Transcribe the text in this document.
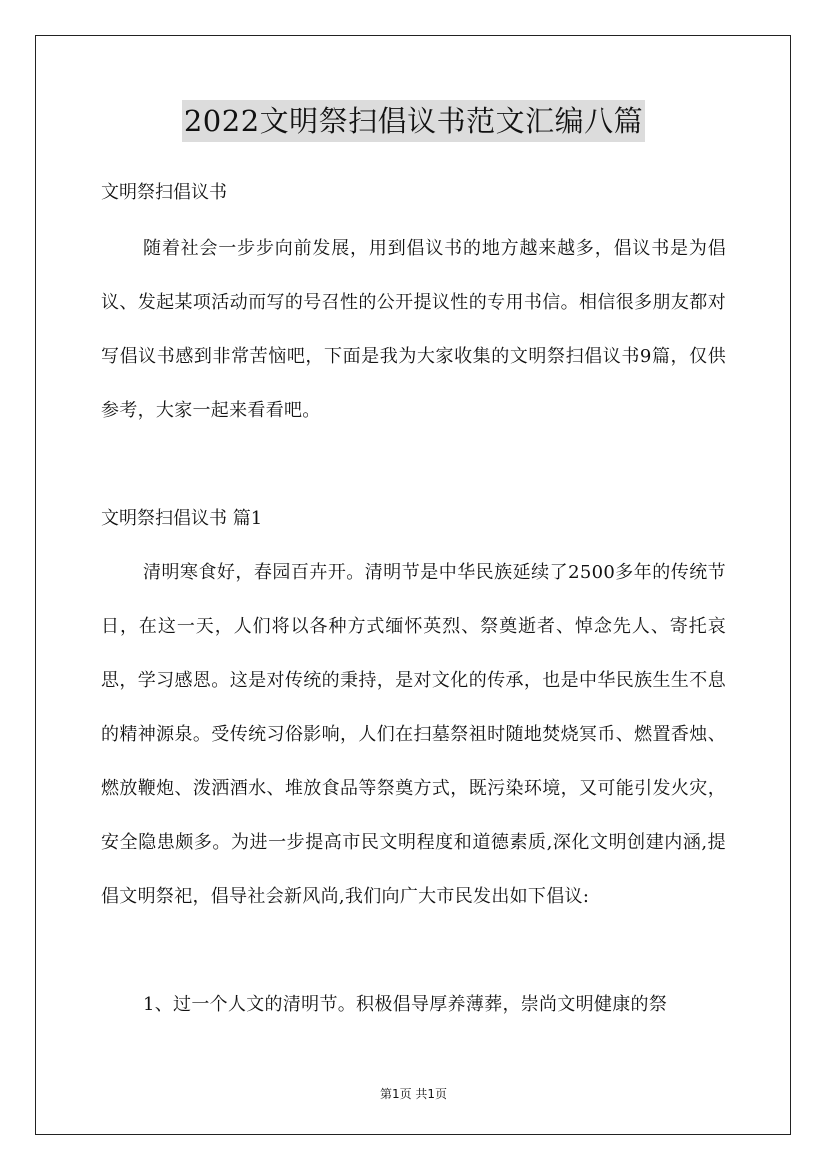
2022文明祭扫倡议书范文汇编八篇
文明祭扫倡议书

随着社会一步步向前发展，用到倡议书的地方越来越多，倡议书是为倡议、发起某项活动而写的号召性的公开提议性的专用书信。相信很多朋友都对写倡议书感到非常苦恼吧，下面是我为大家收集的文明祭扫倡议书9篇，仅供参考，大家一起来看看吧。

文明祭扫倡议书 篇1

清明寒食好，春园百卉开。清明节是中华民族延续了2500多年的传统节日，在这一天，人们将以各种方式缅怀英烈、祭奠逝者、悼念先人、寄托哀思，学习感恩。这是对传统的秉持，是对文化的传承，也是中华民族生生不息的精神源泉。受传统习俗影响，人们在扫墓祭祖时随地焚烧冥币、燃置香烛、燃放鞭炮、泼洒酒水、堆放食品等祭奠方式，既污染环境，又可能引发火灾，安全隐患颇多。为进一步提高市民文明程度和道德素质,深化文明创建内涵,提倡文明祭祀，倡导社会新风尚,我们向广大市民发出如下倡议:

1、过一个人文的清明节。积极倡导厚养薄葬，崇尚文明健康的祭

第1页 共1页
